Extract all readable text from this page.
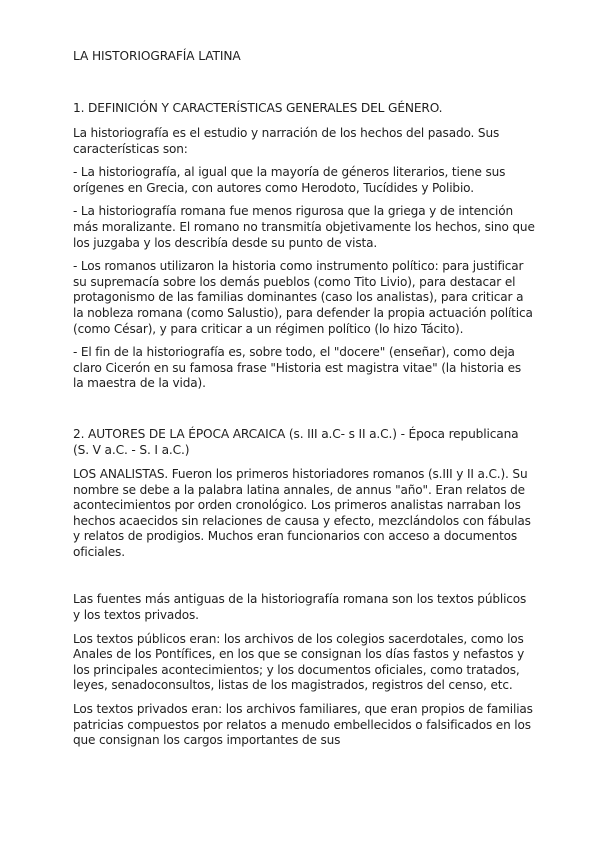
LA HISTORIOGRAFÍA LATINA
1. DEFINICIÓN Y CARACTERÍSTICAS GENERALES DEL GÉNERO.

La historiografía es el estudio y narración de los hechos del pasado. Sus características son:

- La historiografía, al igual que la mayoría de géneros literarios, tiene sus orígenes en Grecia, con autores como Herodoto, Tucídides y Polibio.

- La historiografía romana fue menos rigurosa que la griega y de intención más moralizante. El romano no transmitía objetivamente los hechos, sino que los juzgaba y los describía desde su punto de vista.

- Los romanos utilizaron la historia como instrumento político: para justificar su supremacía sobre los demás pueblos (como Tito Livio), para destacar el protagonismo de las familias dominantes (caso los analistas), para criticar a la nobleza romana (como Salustio), para defender la propia actuación política (como César), y para criticar a un régimen político (lo hizo Tácito).

- El fin de la historiografía es, sobre todo, el "docere" (enseñar), como deja claro Cicerón en su famosa frase "Historia est magistra vitae" (la historia es la maestra de la vida).

2. AUTORES DE LA ÉPOCA ARCAICA (s. III a.C- s II a.C.) - Época republicana (S. V a.C. - S. I a.C.)

LOS ANALISTAS. Fueron los primeros historiadores romanos (s.III y II a.C.). Su nombre se debe a la palabra latina annales, de annus "año". Eran relatos de acontecimientos por orden cronológico. Los primeros analistas narraban los hechos acaecidos sin relaciones de causa y efecto, mezclándolos con fábulas y relatos de prodigios. Muchos eran funcionarios con acceso a documentos oficiales.

Las fuentes más antiguas de la historiografía romana son los textos públicos y los textos privados.

Los textos públicos eran: los archivos de los colegios sacerdotales, como los Anales de los Pontífices, en los que se consignan los días fastos y nefastos y los principales acontecimientos; y los documentos oficiales, como tratados, leyes, senadoconsultos, listas de los magistrados, registros del censo, etc.

Los textos privados eran: los archivos familiares, que eran propios de familias patricias compuestos por relatos a menudo embellecidos o falsificados en los que consignan los cargos importantes de sus
